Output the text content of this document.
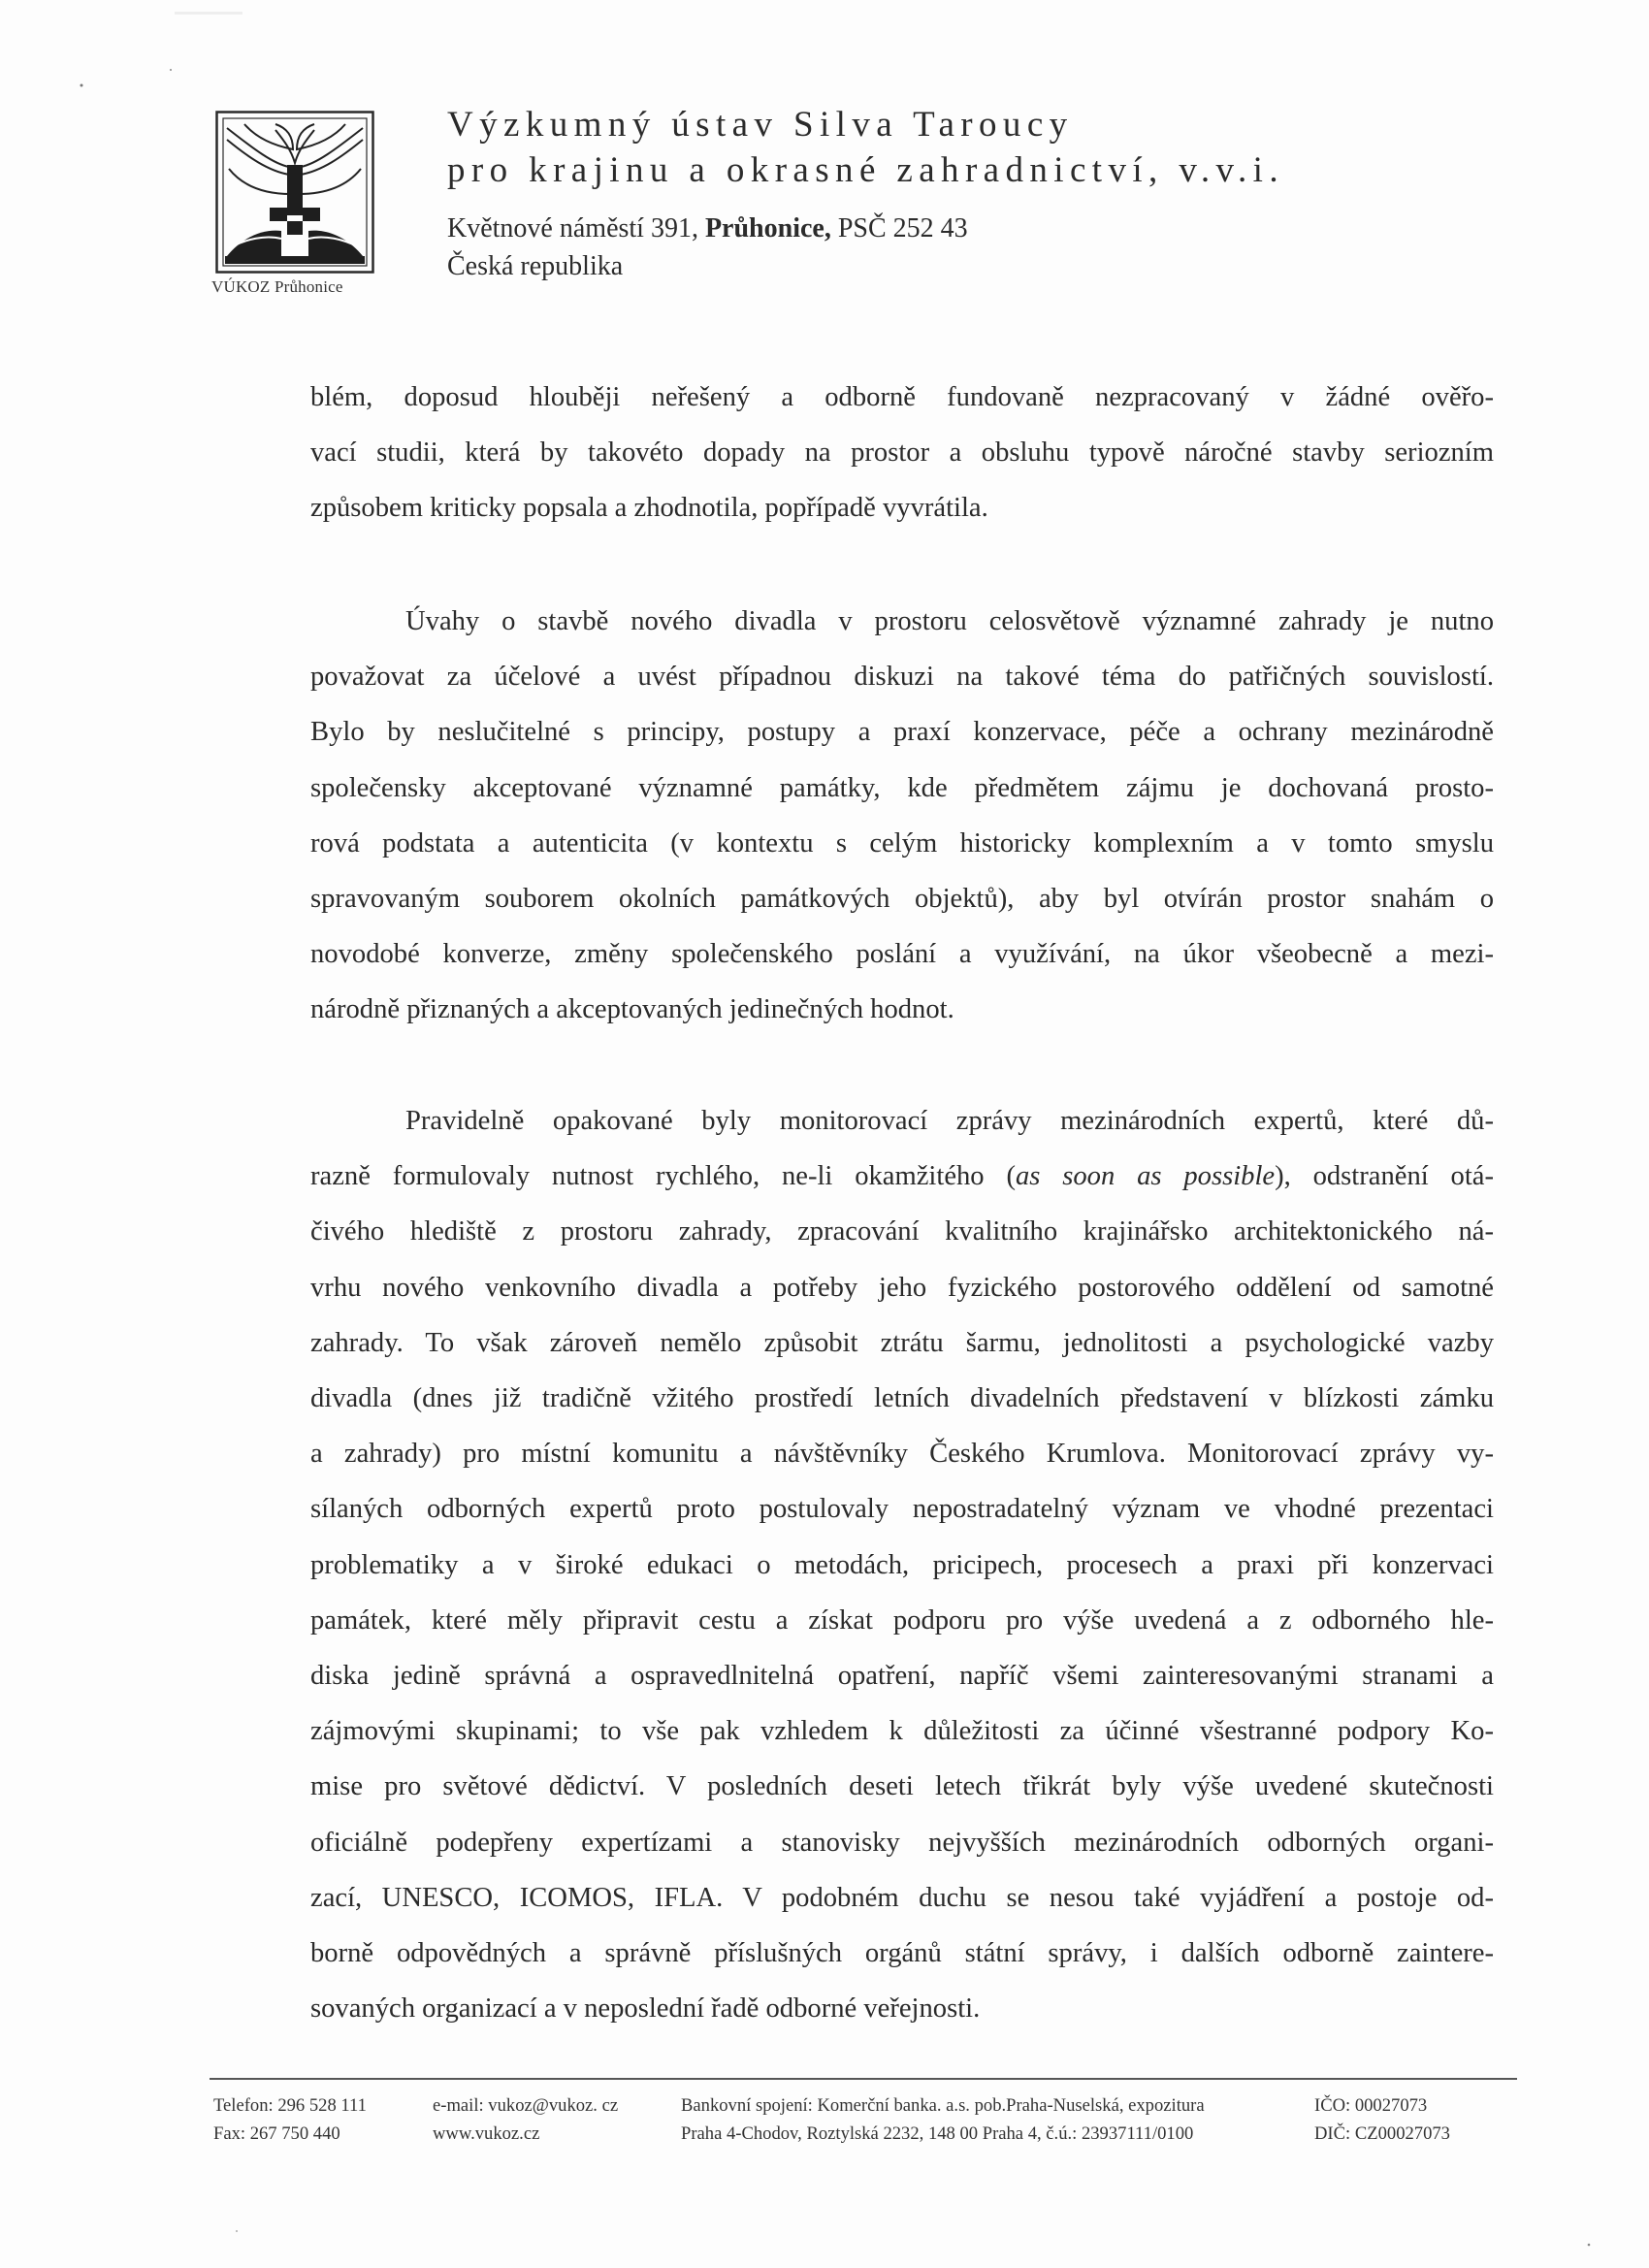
VÚKOZ Průhonice
Výzkumný ústav Silva Taroucy
pro krajinu a okrasné zahradnictví, v.v.i.
Květnové náměstí 391, Průhonice, PSČ 252 43
Česká republika
blém, doposud hlouběji neřešený a odborně fundovaně nezpracovaný v žádné ověřo-
vací studii, která by takovéto dopady na prostor a obsluhu typově náročné stavby seriozním
způsobem kriticky popsala a zhodnotila, popřípadě vyvrátila.
Úvahy o stavbě nového divadla v prostoru celosvětově významné zahrady je nutno
považovat za účelové a uvést případnou diskuzi na takové téma do patřičných souvislostí.
Bylo by neslučitelné s principy, postupy a praxí konzervace, péče a ochrany mezinárodně
společensky akceptované významné památky, kde předmětem zájmu je dochovaná prosto-
rová podstata a autenticita (v kontextu s celým historicky komplexním a v tomto smyslu
spravovaným souborem okolních památkových objektů), aby byl otvírán prostor snahám o
novodobé konverze, změny společenského poslání a využívání, na úkor všeobecně a mezi-
národně přiznaných a akceptovaných jedinečných hodnot.
Pravidelně opakované byly monitorovací zprávy mezinárodních expertů, které dů-
razně formulovaly nutnost rychlého, ne-li okamžitého (as soon as possible), odstranění otá-
čivého hlediště z prostoru zahrady, zpracování kvalitního krajinářsko architektonického ná-
vrhu nového venkovního divadla a potřeby jeho fyzického postorového oddělení od samotné
zahrady. To však zároveň nemělo způsobit ztrátu šarmu, jednolitosti a psychologické vazby
divadla (dnes již tradičně vžitého prostředí letních divadelních představení v blízkosti zámku
a zahrady) pro místní komunitu a návštěvníky Českého Krumlova. Monitorovací zprávy vy-
sílaných odborných expertů proto postulovaly nepostradatelný význam ve vhodné prezentaci
problematiky a v široké edukaci o metodách, pricipech, procesech a praxi při konzervaci
památek, které měly připravit cestu a získat podporu pro výše uvedená a z odborného hle-
diska jedině správná a ospravedlnitelná opatření, napříč všemi zainteresovanými stranami a
zájmovými skupinami; to vše pak vzhledem k důležitosti za účinné všestranné podpory Ko-
mise pro světové dědictví. V posledních deseti letech třikrát byly výše uvedené skutečnosti
oficiálně podepřeny expertízami a stanovisky nejvyšších mezinárodních odborných organi-
zací, UNESCO, ICOMOS, IFLA. V podobném duchu se nesou také vyjádření a postoje od-
borně odpovědných a správně příslušných orgánů státní správy, i dalších odborně zaintere-
sovaných organizací a v neposlední řadě odborné veřejnosti.
Telefon: 296 528 111
Fax: 267 750 440
e-mail: vukoz@vukoz. cz
www.vukoz.cz
Bankovní spojení: Komerční banka. a.s. pob.Praha-Nuselská, expozitura
Praha 4-Chodov, Roztylská 2232, 148 00 Praha 4, č.ú.: 23937111/0100
IČO: 00027073
DIČ: CZ00027073
